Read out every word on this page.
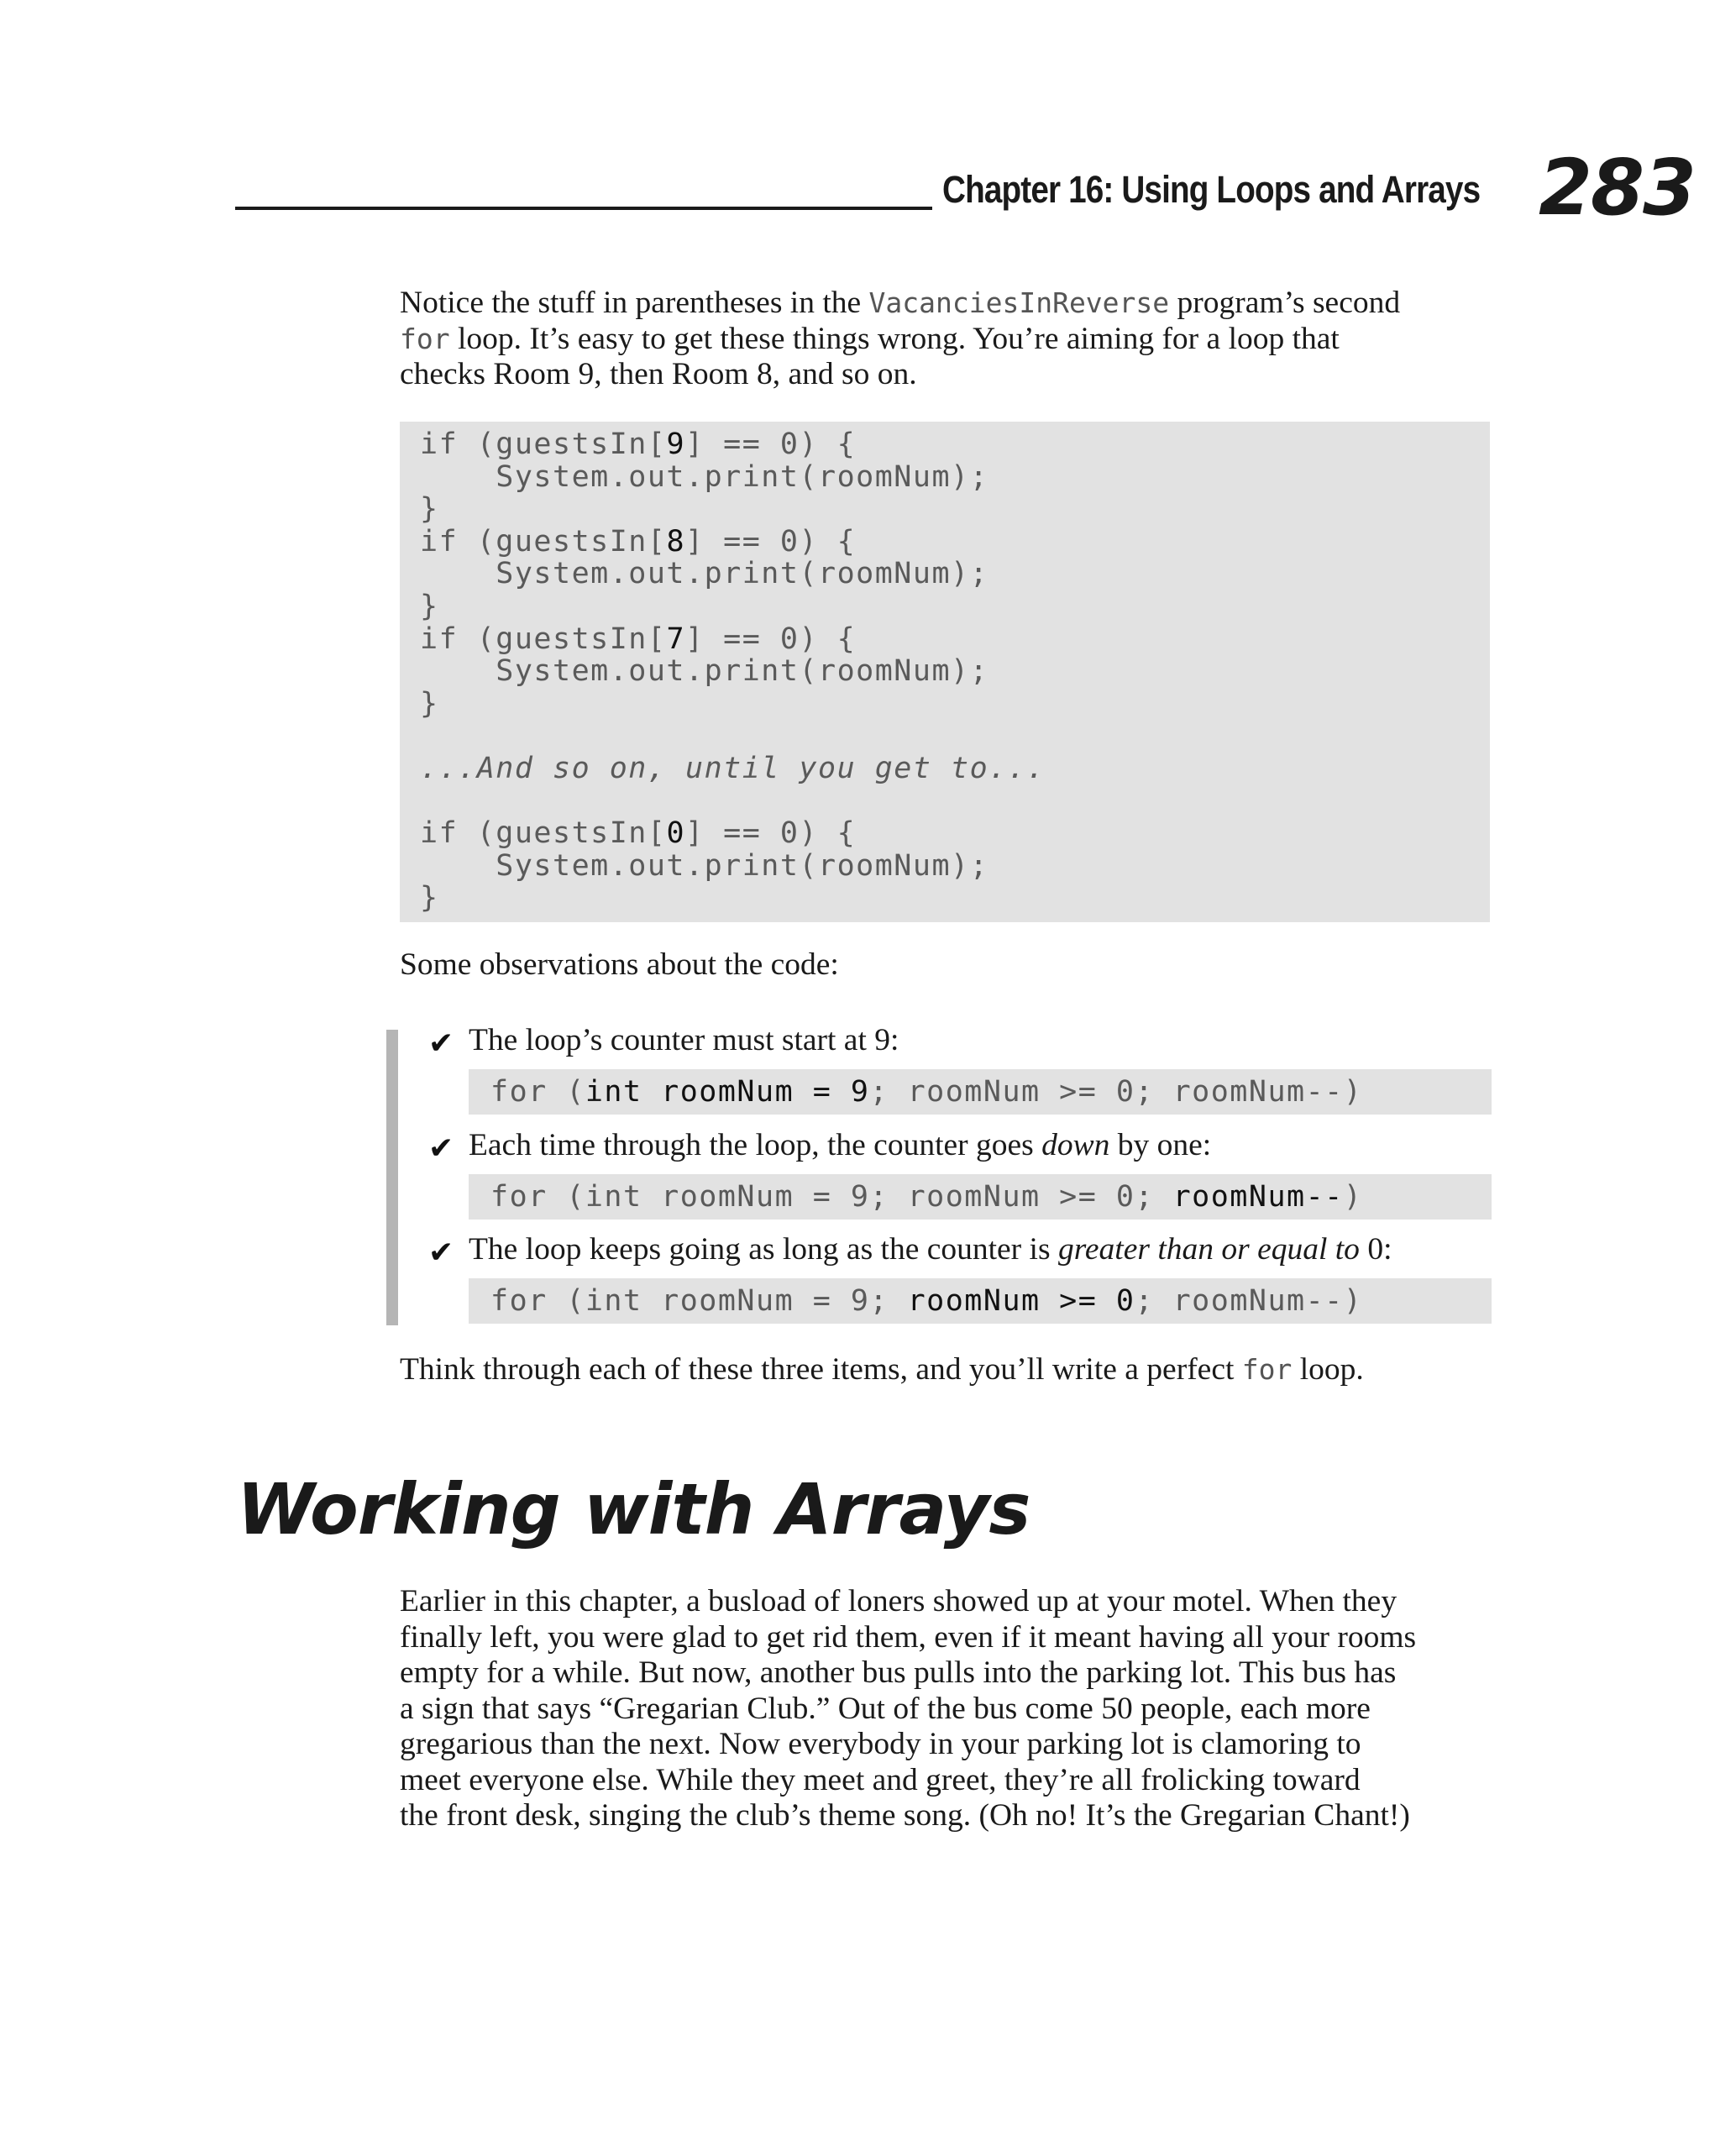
Chapter 16: Using Loops and Arrays 283
Notice the stuff in parentheses in the VacanciesInReverse program’s second
for loop. It’s easy to get these things wrong. You’re aiming for a loop that
checks Room 9, then Room 8, and so on.
if (guestsIn[9] == 0) {
System.out.print(roomNum);
}
if (guestsIn[8] == 0) {
System.out.print(roomNum);
}
if (guestsIn[7] == 0) {
System.out.print(roomNum);
}

...And so on, until you get to...

if (guestsIn[0] == 0) {
System.out.print(roomNum);
}

Some observations about the code:
✔ The loop’s counter must start at 9:
for (int roomNum = 9; roomNum >= 0; roomNum--)
✔ Each time through the loop, the counter goes down by one:
for (int roomNum = 9; roomNum >= 0; roomNum--)
✔ The loop keeps going as long as the counter is greater than or equal to 0:
for (int roomNum = 9; roomNum >= 0; roomNum--)
Think through each of these three items, and you’ll write a perfect for loop.
Working with Arrays
Earlier in this chapter, a busload of loners showed up at your motel. When they
finally left, you were glad to get rid them, even if it meant having all your rooms
empty for a while. But now, another bus pulls into the parking lot. This bus has
a sign that says “Gregarian Club.” Out of the bus come 50 people, each more
gregarious than the next. Now everybody in your parking lot is clamoring to
meet everyone else. While they meet and greet, they’re all frolicking toward
the front desk, singing the club’s theme song. (Oh no! It’s the Gregarian Chant!)
